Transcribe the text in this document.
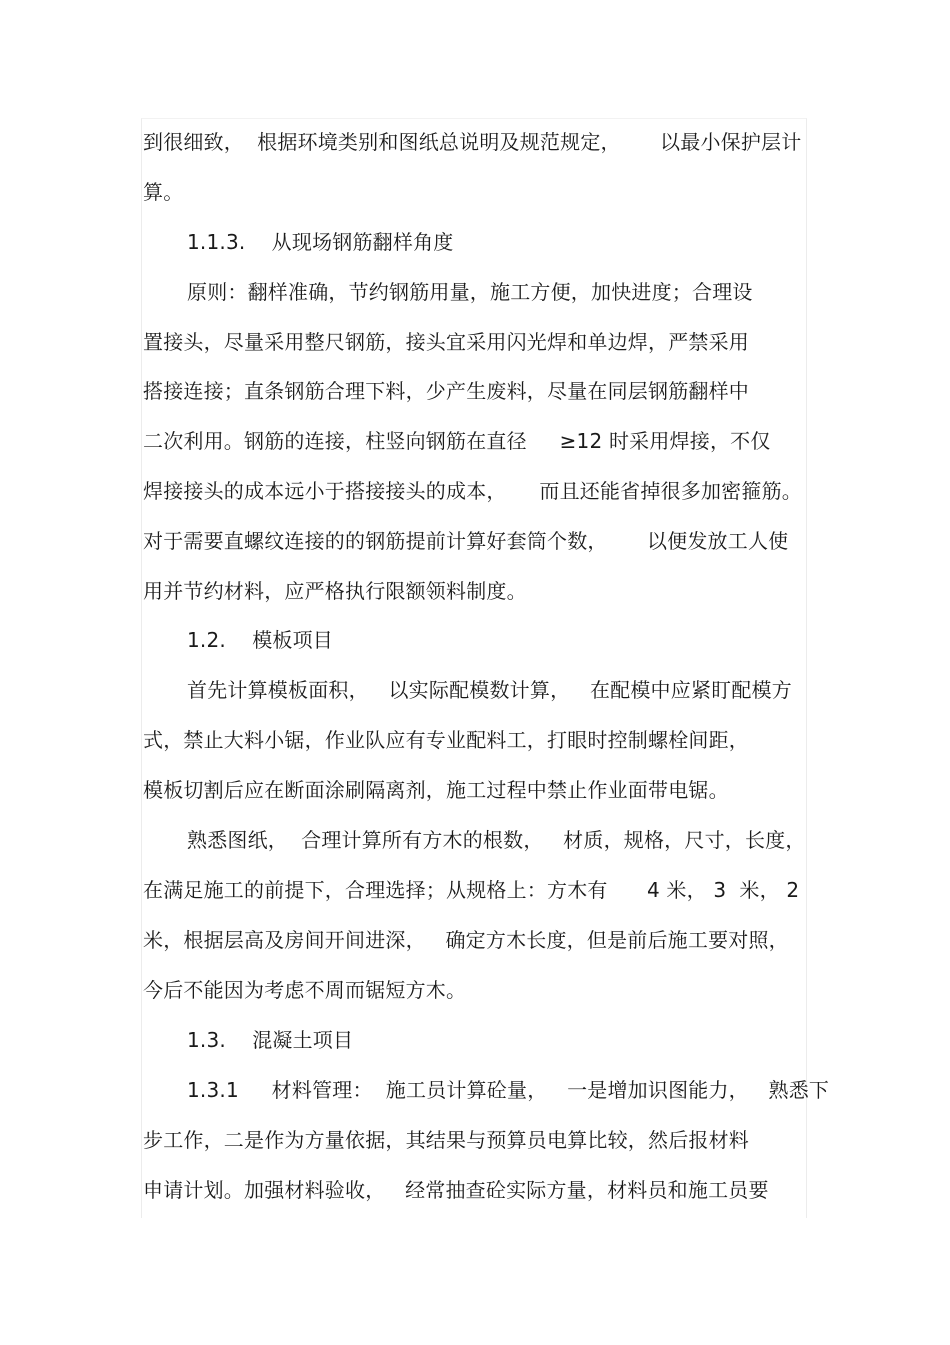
到很细致，  根据环境类别和图纸总说明及规范规定，      以最小保护层计
算。
1.1.3.    从现场钢筋翻样角度
原则：翻样准确，节约钢筋用量，施工方便，加快进度；合理设
置接头，尽量采用整尺钢筋，接头宜采用闪光焊和单边焊，严禁采用
搭接连接；直条钢筋合理下料，少产生废料，尽量在同层钢筋翻样中
二次利用。钢筋的连接，柱竖向钢筋在直径     ≥12 时采用焊接，不仅
焊接接头的成本远小于搭接接头的成本，     而且还能省掉很多加密箍筋。
对于需要直螺纹连接的的钢筋提前计算好套筒个数，      以便发放工人使
用并节约材料，应严格执行限额领料制度。
1.2.    模板项目
首先计算模板面积，   以实际配模数计算，   在配模中应紧盯配模方
式，禁止大料小锯，作业队应有专业配料工，打眼时控制螺栓间距，
模板切割后应在断面涂刷隔离剂，施工过程中禁止作业面带电锯。
熟悉图纸，  合理计算所有方木的根数，   材质，规格，尺寸，长度，
在满足施工的前提下，合理选择；从规格上：方木有      4 米， 3  米， 2
米，根据层高及房间开间进深，   确定方木长度，但是前后施工要对照，
今后不能因为考虑不周而锯短方木。
1.3.    混凝土项目
1.3.1     材料管理：  施工员计算砼量，   一是增加识图能力，   熟悉下
步工作，二是作为方量依据，其结果与预算员电算比较，然后报材料
申请计划。加强材料验收，   经常抽查砼实际方量，材料员和施工员要
